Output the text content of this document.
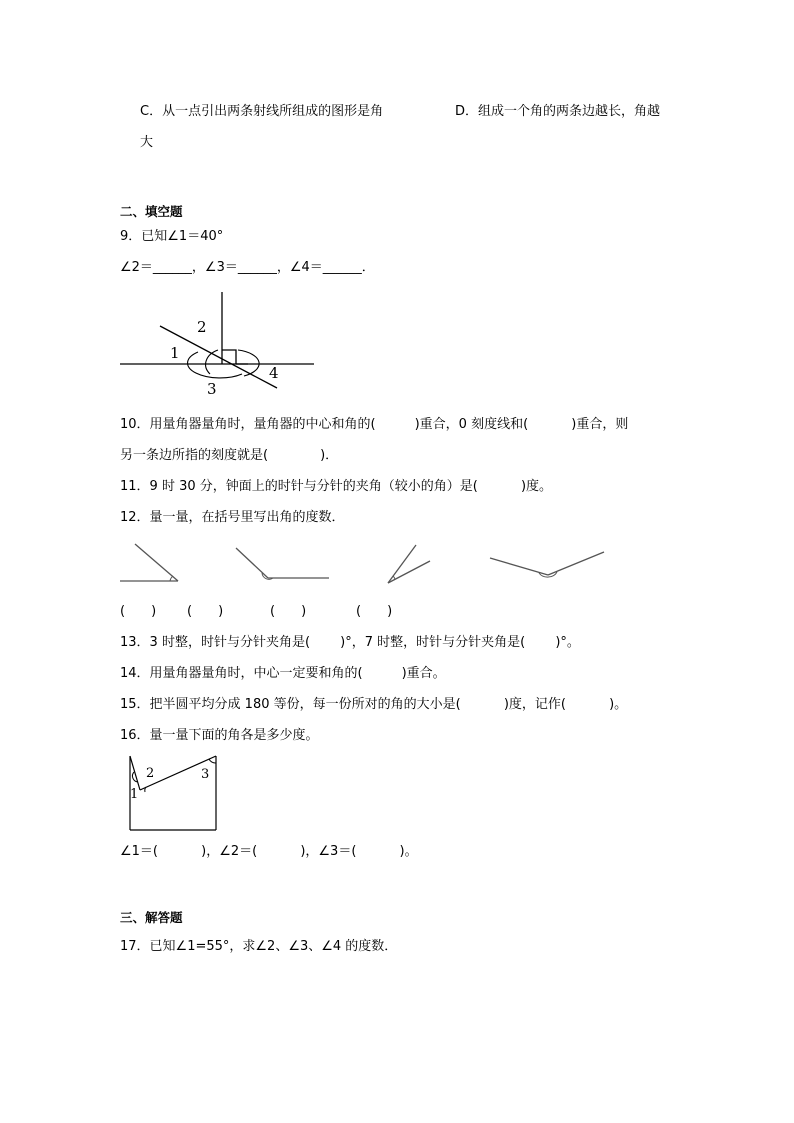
C．从一点引出两条射线所组成的图形是角	D．组成一个角的两条边越长，角越
大
二、填空题
9．已知∠1＝40°
∠2＝______，∠3＝______，∠4＝______．
1
2
3
4
10．用量角器量角时，量角器的中心和角的(　　　)重合，0 刻度线和(　　　 )重合，则
另一条边所指的刻度就是(　　　　)．
11．9 时 30 分，钟面上的时针与分针的夹角（较小的角）是(　　　 )度。
12．量一量，在括号里写出角的度数．
(　　) (　　)	(　　)	(　　)
13．3 时整，时针与分针夹角是(　　 )°，7 时整，时针与分针夹角是(　　 )°。
14．用量角器量角时，中心一定要和角的(　　　)重合。
15．把半圆平均分成 180 等份，每一份所对的角的大小是(　　　 )度，记作(　　　 )。
16．量一量下面的角各是多少度。
1
2	3
∠1＝(　　　 )，∠2＝(　　　 )，∠3＝(　　　 )。
三、解答题
17．已知∠1=55°，求∠2、∠3、∠4 的度数．
